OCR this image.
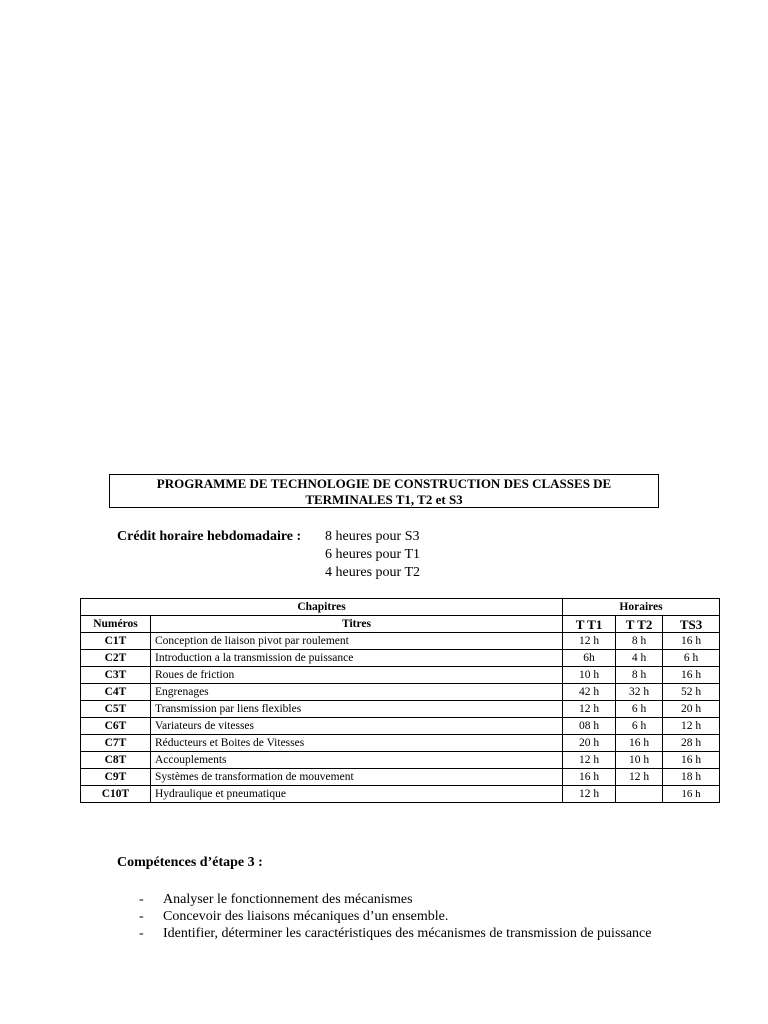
PROGRAMME DE TECHNOLOGIE DE CONSTRUCTION DES CLASSES DE
TERMINALES T1, T2 et S3
Crédit horaire hebdomadaire : 8 heures pour S3
6 heures pour T1
4 heures pour T2
Chapitres		Horaires		
Numéros	Titres	T T1	T T2	TS3
C1T	Conception de liaison pivot par roulement	12 h	8 h	16 h
C2T	Introduction a la transmission de puissance	6h	4 h	6 h
C3T	Roues de friction	10 h	8 h	16 h
C4T	Engrenages	42 h	32 h	52 h
C5T	Transmission par liens flexibles	12 h	6 h	20 h
C6T	Variateurs de vitesses	08 h	6 h	12 h
C7T	Réducteurs et Boites de Vitesses	20 h	16 h	28 h
C8T	Accouplements	12 h	10 h	16 h
C9T	Systèmes de transformation de mouvement	16 h	12 h	18 h
C10T	Hydraulique et pneumatique	12 h		16 h
Compétences d’étape 3 :
- Analyser le fonctionnement des mécanismes
- Concevoir des liaisons mécaniques d’un ensemble.
- Identifier, déterminer les caractéristiques des mécanismes de transmission de puissance
